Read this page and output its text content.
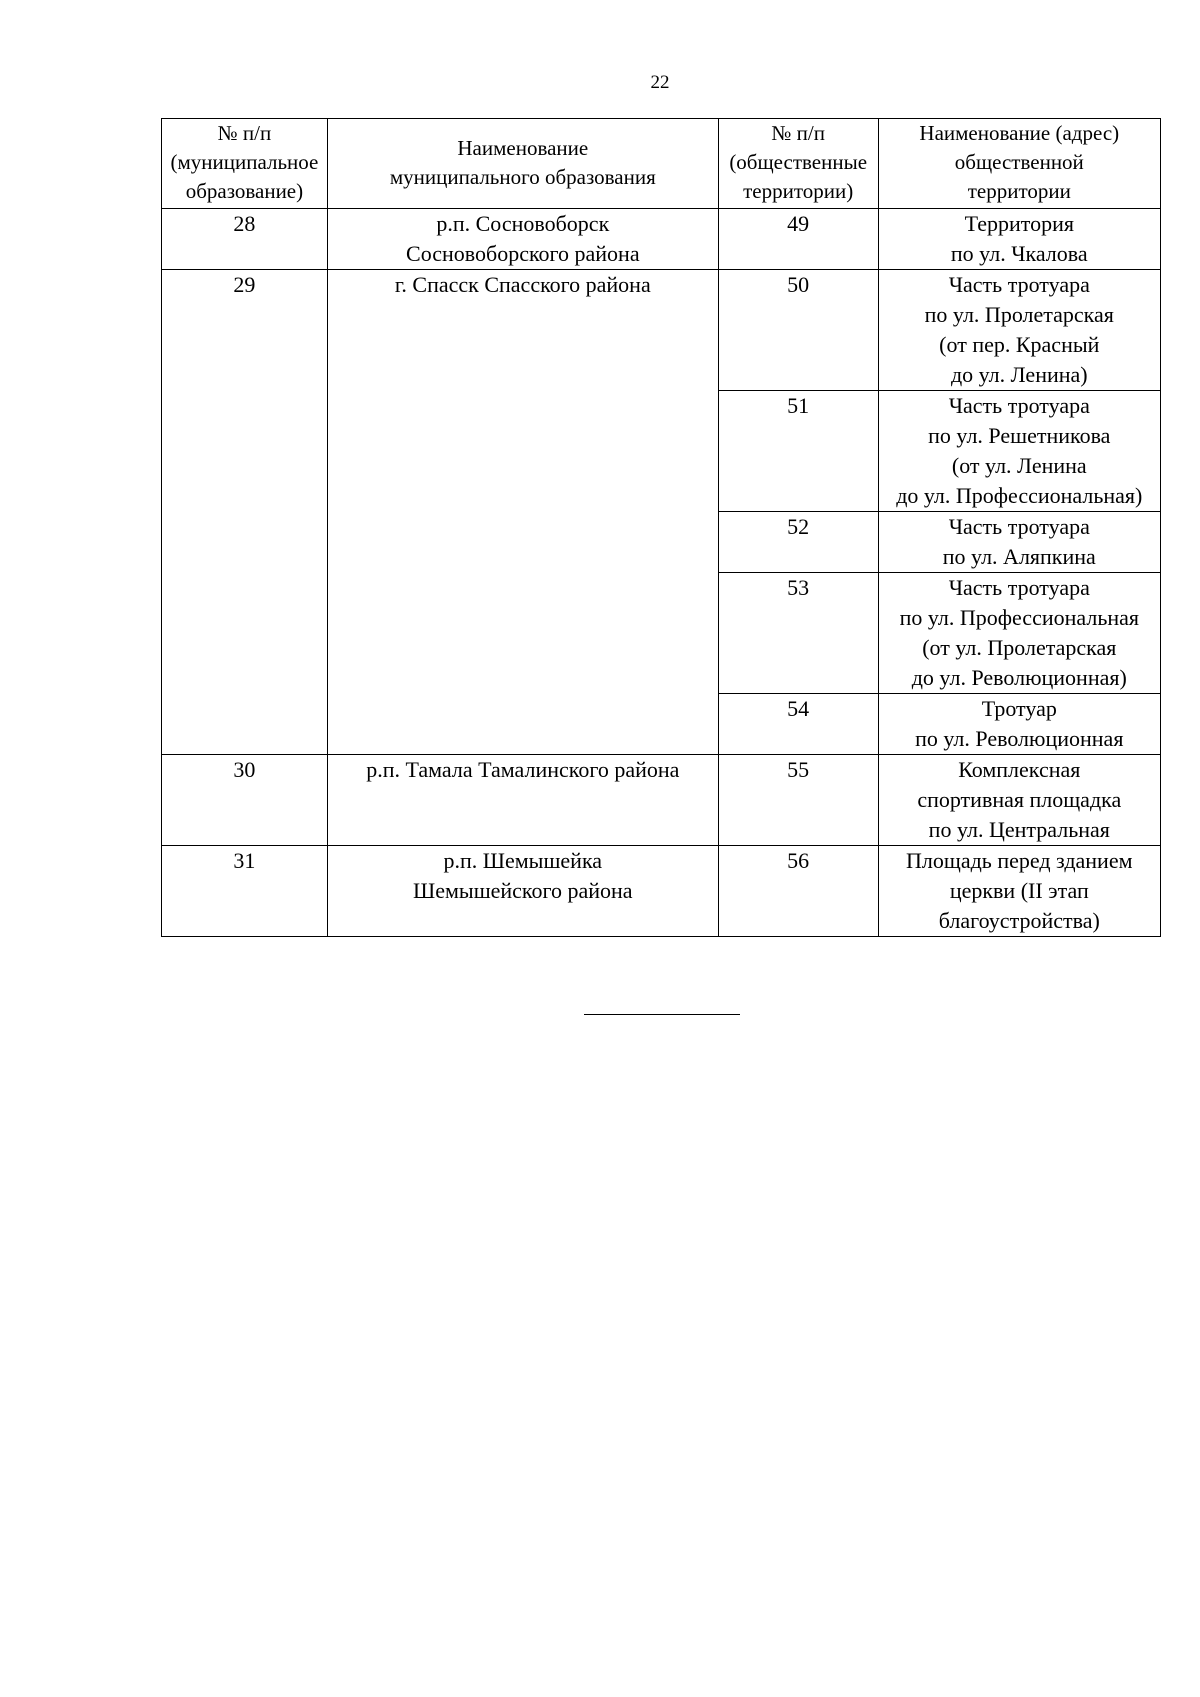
22
№ п/п
(муниципальное
образование)	Наименование
муниципального образования	№ п/п
(общественные
территории)	Наименование (адрес)
общественной
территории

28	р.п. Сосновоборск
Сосновоборского района	49	Территория
по ул. Чкалова

29	г. Спасск Спасского района	50	Часть тротуара
по ул. Пролетарская
(от пер. Красный
до ул. Ленина)

		51	Часть тротуара
по ул. Решетникова
(от ул. Ленина
до ул. Профессиональная)

		52	Часть тротуара
по ул. Аляпкина

		53	Часть тротуара
по ул. Профессиональная
(от ул. Пролетарская
до ул. Революционная)

		54	Тротуар
по ул. Революционная

30	р.п. Тамала Тамалинского района	55	Комплексная
спортивная площадка
по ул. Центральная

31	р.п. Шемышейка
Шемышейского района	56	Площадь перед зданием
церкви (II этап
благоустройства)
